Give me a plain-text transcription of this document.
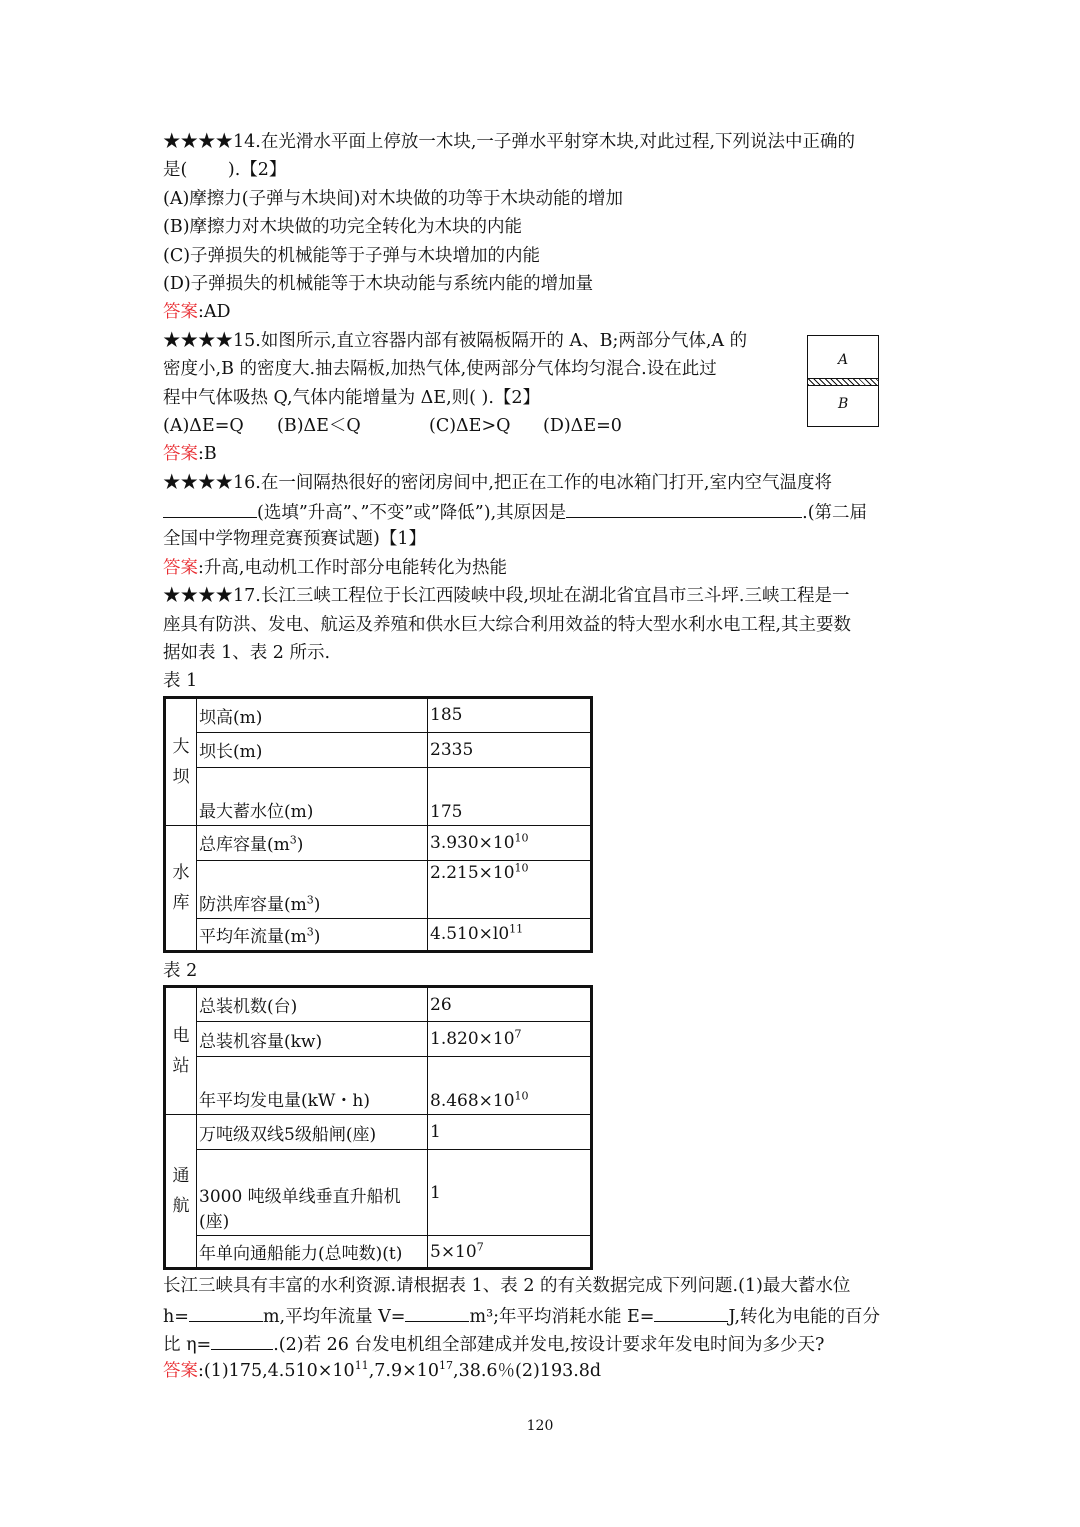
★★★★14.在光滑水平面上停放一木块,一子弹水平射穿木块,对此过程,下列说法中正确的
是(　　 ).【2】
(A)摩擦力(子弹与木块间)对木块做的功等于木块动能的增加
(B)摩擦力对木块做的功完全转化为木块的内能
(C)子弹损失的机械能等于子弹与木块增加的内能
(D)子弹损失的机械能等于木块动能与系统内能的增加量
答案:AD
★★★★15.如图所示,直立容器内部有被隔板隔开的 A、B;两部分气体,A 的
密度小,B 的密度大.抽去隔板,加热气体,使两部分气体均匀混合.设在此过
程中气体吸热 Q,气体内能增量为 ΔE,则( ).【2】
(A)ΔE=Q (B)ΔE＜Q	(C)ΔE>Q (D)ΔE=0
A
B
答案:B
★★★★16.在一间隔热很好的密闭房间中,把正在工作的电冰箱门打开,室内空气温度将
(选填”升高”、”不变”或”降低”),其原因是	.(第二届
全国中学物理竞赛预赛试题)【1】
答案:升高,电动机工作时部分电能转化为热能
★★★★17.长江三峡工程位于长江西陵峡中段,坝址在湖北省宜昌市三斗坪.三峡工程是一
座具有防洪、发电、航运及养殖和供水巨大综合利用效益的特大型水利水电工程,其主要数
据如表 1、表 2 所示.
表 1
大坝	坝高(m)	185
	坝长(m)	2335
	最大蓄水位(m)	175
水库	总库容量$(m^3)$	$3.930\times 10^{10}$
	防洪库容量$(m^3)$	$2.215\times 10^{10}$
	平均年流量$(m^3)$	$4.510\times l0^{11}$
表 2
电站	总装机数(台)	26
	总装机容量(kw)	$1.820\times 10^7$
	年平均发电量(kW・h)	$8.468\times 10^{10}$
通航	万吨级双线5级船闸(座)	1

	3000 吨级单线垂直升船机
(座)	1
	年单向通船能力(总吨数)(t)	$5\times 10^7$
长江三峡具有丰富的水利资源.请根据表 1、表 2 的有关数据完成下列问题.(1)最大蓄水位
h=	m,平均年流量 V=	m³;年平均消耗水能 E=	J,转化为电能的百分
比 η=	.(2)若 26 台发电机组全部建成并发电,按设计要求年发电时间为多少天?
答案$:(1)175,4.510\times 10^{11},7.9\times 10^{17},38.6$％(2)193.8d
120
